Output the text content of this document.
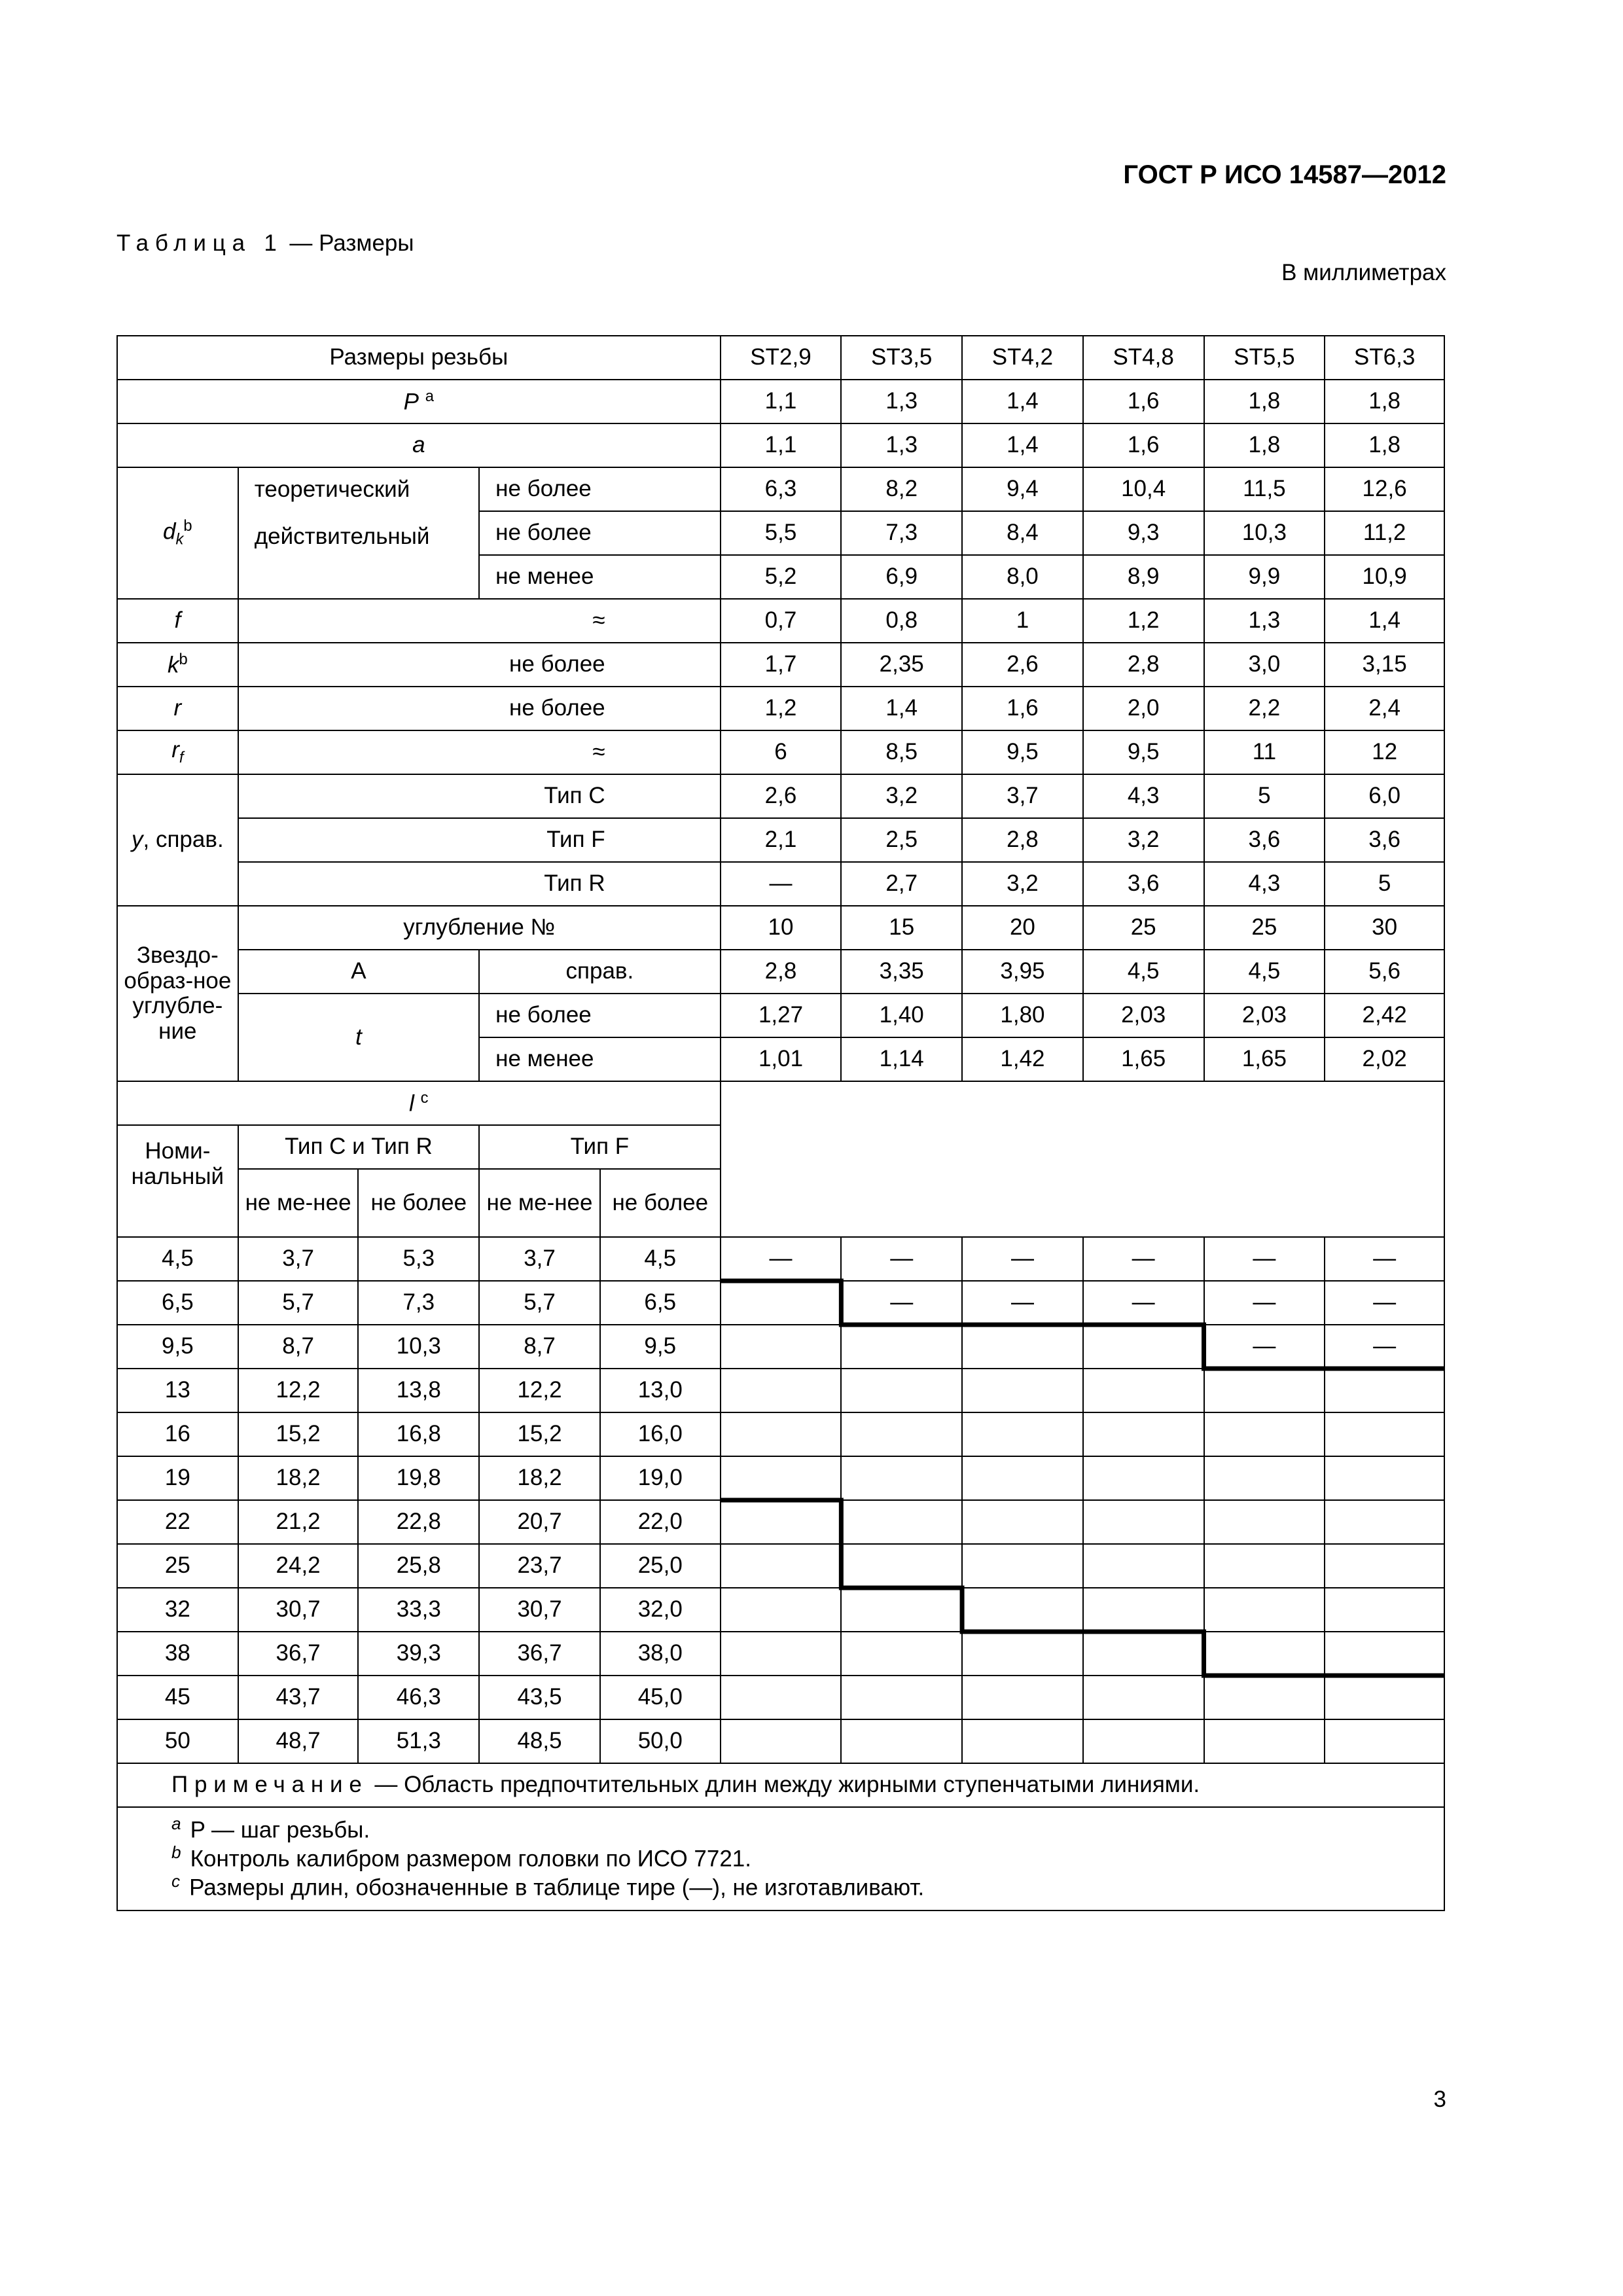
ГОСТ Р ИСО 14587—2012
Таблица 1 — Размеры
В миллиметрах
Размеры резьбы					ST2,9	ST3,5	ST4,2	ST4,8	ST5,5	ST6,3
P $^a$					1,1	1,3	1,4	1,6	1,8	1,8
a					1,1	1,3	1,4	1,6	1,8	1,8
$d_k^b$	теоретический		не более		6,3	8,2	9,4	10,4	11,5	12,6
	действительный		не более		5,5	7,3	8,4	9,3	10,3	11,2
			не менее		5,2	6,9	8,0	8,9	9,9	10,9
f	≈				0,7	0,8	1	1,2	1,3	1,4
$k^b$	не более				1,7	2,35	2,6	2,8	3,0	3,15
r	не более				1,2	1,4	1,6	2,0	2,2	2,4
$r_f$	≈				6	8,5	9,5	9,5	11	12
y, справ.	Тип C				2,6	3,2	3,7	4,3	5	6,0
	Тип F				2,1	2,5	2,8	3,2	3,6	3,6
	Тип R				—	2,7	3,2	3,6	4,3	5
Звездо-образ-ное углубле-ние	углубление №				10	15	20	25	25	30
	A		справ.		2,8	3,35	3,95	4,5	4,5	5,6
	t		не более		1,27	1,40	1,80	2,03	2,03	2,42
			не менее		1,01	1,14	1,42	1,65	1,65	2,02
l $^c$	
Номи-нальный	Тип C и Тип R		Тип F							
	не ме-нее	не более	не ме-нее	не более						
4,5	3,7	5,3	3,7	4,5	—	—	—	—	—	—
6,5	5,7	7,3	5,7	6,5		—	—	—	—	—
9,5	8,7	10,3	8,7	9,5					—	—
13	12,2	13,8	12,2	13,0						
16	15,2	16,8	15,2	16,0						
19	18,2	19,8	18,2	19,0						
22	21,2	22,8	20,7	22,0						
25	24,2	25,8	23,7	25,0						
32	30,7	33,3	30,7	32,0						
38	36,7	39,3	36,7	38,0						
45	43,7	46,3	43,5	45,0						
50	48,7	51,3	48,5	50,0						
Примечание — Область предпочтительных длин между жирными ступенчатыми линиями.										

$^a$ P — шаг резьбы.
$^b$ Контроль калибром размером головки по ИСО 7721.
$^c$ Размеры длин, обозначенные в таблице тире (—), не изготавливают.										
3
